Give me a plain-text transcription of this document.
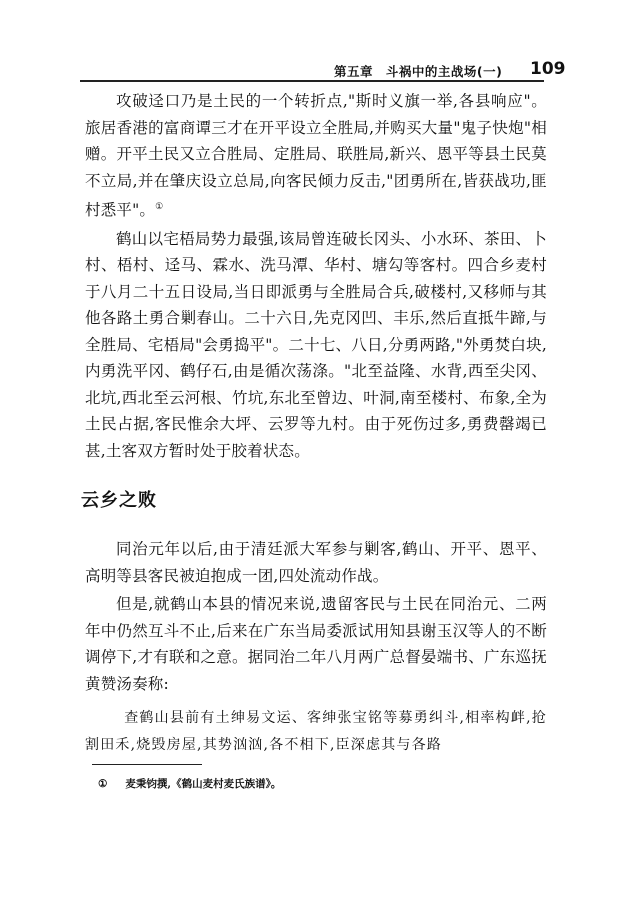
第五章 斗祸中的主战场(一) 109

攻破迳口乃是土民的一个转折点,"斯时义旗一举,各县响应"。旅居香港的富商谭三才在开平设立全胜局,并购买大量"鬼子快炮"相赠。开平土民又立合胜局、定胜局、联胜局,新兴、恩平等县土民莫不立局,并在肇庆设立总局,向客民倾力反击,"团勇所在,皆获战功,匪村悉平"。①

鹤山以宅梧局势力最强,该局曾连破长冈头、小水环、茶田、卜村、梧村、迳马、霖水、洗马潭、华村、塘勾等客村。四合乡麦村于八月二十五日设局,当日即派勇与全胜局合兵,破楼村,又移师与其他各路土勇合剿春山。二十六日,先克冈凹、丰乐,然后直抵牛蹄,与全胜局、宅梧局"会勇捣平"。二十七、八日,分勇两路,"外勇焚白块,内勇洗平冈、鹤仔石,由是循次荡涤。"北至益隆、水背,西至尖冈、北坑,西北至云河根、竹坑,东北至曾边、叶洞,南至楼村、布象,全为土民占据,客民惟余大坪、云罗等九村。由于死伤过多,勇费罄竭已甚,土客双方暂时处于胶着状态。

云乡之败

同治元年以后,由于清廷派大军参与剿客,鹤山、开平、恩平、高明等县客民被迫抱成一团,四处流动作战。

但是,就鹤山本县的情况来说,遗留客民与土民在同治元、二两年中仍然互斗不止,后来在广东当局委派试用知县谢玉汉等人的不断调停下,才有联和之意。据同治二年八月两广总督晏端书、广东巡抚黄赞汤奏称:

查鹤山县前有土绅易文运、客绅张宝铭等募勇纠斗,相率构衅,抢割田禾,烧毁房屋,其势汹汹,各不相下,臣深虑其与各路

① 麦秉钧撰,《鹤山麦村麦氏族谱》。
